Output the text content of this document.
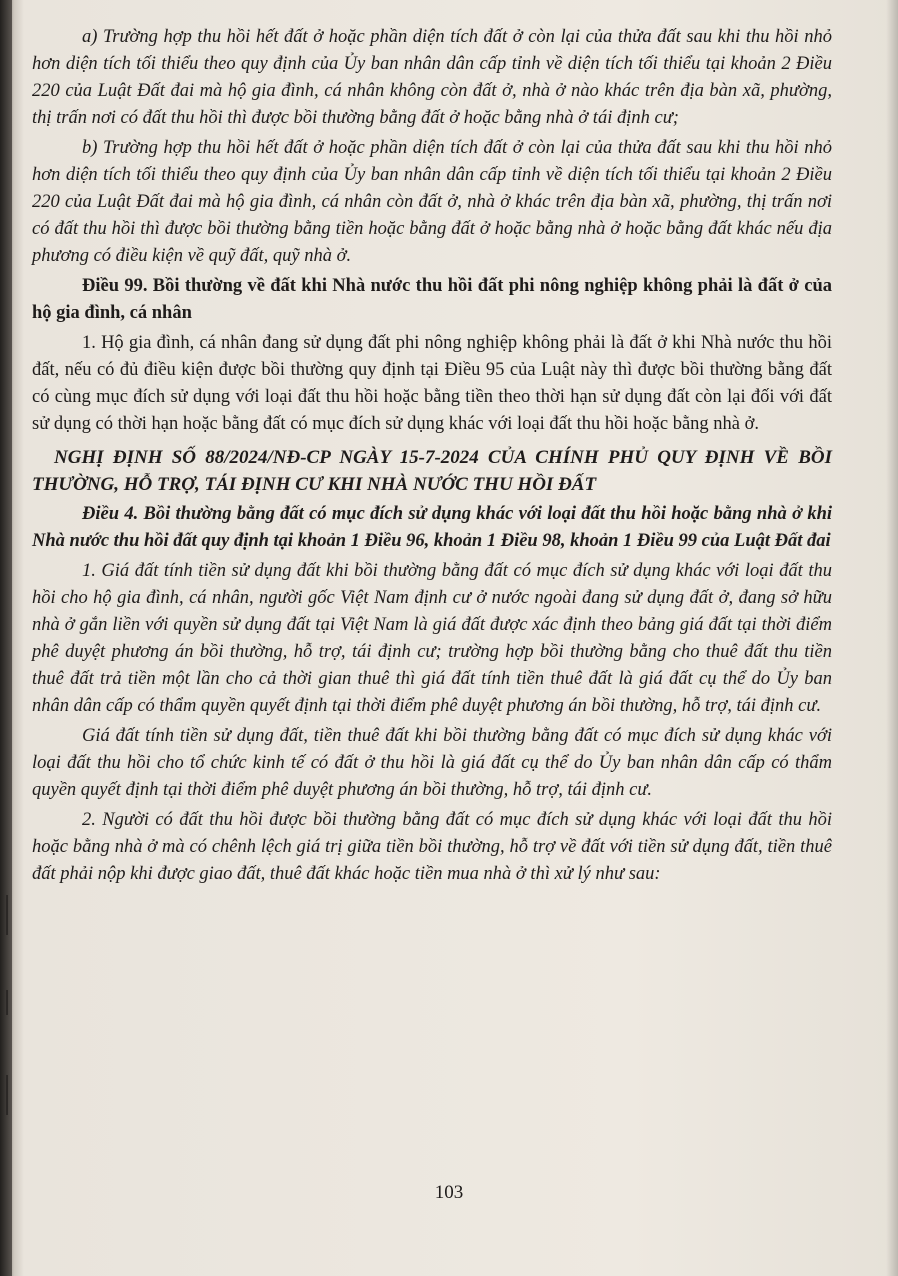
a) Trường hợp thu hồi hết đất ở hoặc phần diện tích đất ở còn lại của thửa đất sau khi thu hồi nhỏ hơn diện tích tối thiểu theo quy định của Ủy ban nhân dân cấp tỉnh về diện tích tối thiểu tại khoản 2 Điều 220 của Luật Đất đai mà hộ gia đình, cá nhân không còn đất ở, nhà ở nào khác trên địa bàn xã, phường, thị trấn nơi có đất thu hồi thì được bồi thường bằng đất ở hoặc bằng nhà ở tái định cư;

b) Trường hợp thu hồi hết đất ở hoặc phần diện tích đất ở còn lại của thửa đất sau khi thu hồi nhỏ hơn diện tích tối thiểu theo quy định của Ủy ban nhân dân cấp tỉnh về diện tích tối thiểu tại khoản 2 Điều 220 của Luật Đất đai mà hộ gia đình, cá nhân còn đất ở, nhà ở khác trên địa bàn xã, phường, thị trấn nơi có đất thu hồi thì được bồi thường bằng tiền hoặc bằng đất ở hoặc bằng nhà ở hoặc bằng đất khác nếu địa phương có điều kiện về quỹ đất, quỹ nhà ở.

Điều 99. Bồi thường về đất khi Nhà nước thu hồi đất phi nông nghiệp không phải là đất ở của hộ gia đình, cá nhân

1. Hộ gia đình, cá nhân đang sử dụng đất phi nông nghiệp không phải là đất ở khi Nhà nước thu hồi đất, nếu có đủ điều kiện được bồi thường quy định tại Điều 95 của Luật này thì được bồi thường bằng đất có cùng mục đích sử dụng với loại đất thu hồi hoặc bằng tiền theo thời hạn sử dụng đất còn lại đối với đất sử dụng có thời hạn hoặc bằng đất có mục đích sử dụng khác với loại đất thu hồi hoặc bằng nhà ở.

NGHỊ ĐỊNH SỐ 88/2024/NĐ-CP NGÀY 15-7-2024 CỦA CHÍNH PHỦ QUY ĐỊNH VỀ BỒI THƯỜNG, HỖ TRỢ, TÁI ĐỊNH CƯ KHI NHÀ NƯỚC THU HỒI ĐẤT

Điều 4. Bồi thường bằng đất có mục đích sử dụng khác với loại đất thu hồi hoặc bằng nhà ở khi Nhà nước thu hồi đất quy định tại khoản 1 Điều 96, khoản 1 Điều 98, khoản 1 Điều 99 của Luật Đất đai

1. Giá đất tính tiền sử dụng đất khi bồi thường bằng đất có mục đích sử dụng khác với loại đất thu hồi cho hộ gia đình, cá nhân, người gốc Việt Nam định cư ở nước ngoài đang sử dụng đất ở, đang sở hữu nhà ở gắn liền với quyền sử dụng đất tại Việt Nam là giá đất được xác định theo bảng giá đất tại thời điểm phê duyệt phương án bồi thường, hỗ trợ, tái định cư; trường hợp bồi thường bằng cho thuê đất thu tiền thuê đất trả tiền một lần cho cả thời gian thuê thì giá đất tính tiền thuê đất là giá đất cụ thể do Ủy ban nhân dân cấp có thẩm quyền quyết định tại thời điểm phê duyệt phương án bồi thường, hỗ trợ, tái định cư.

Giá đất tính tiền sử dụng đất, tiền thuê đất khi bồi thường bằng đất có mục đích sử dụng khác với loại đất thu hồi cho tổ chức kinh tế có đất ở thu hồi là giá đất cụ thể do Ủy ban nhân dân cấp có thẩm quyền quyết định tại thời điểm phê duyệt phương án bồi thường, hỗ trợ, tái định cư.

2. Người có đất thu hồi được bồi thường bằng đất có mục đích sử dụng khác với loại đất thu hồi hoặc bằng nhà ở mà có chênh lệch giá trị giữa tiền bồi thường, hỗ trợ về đất với tiền sử dụng đất, tiền thuê đất phải nộp khi được giao đất, thuê đất khác hoặc tiền mua nhà ở thì xử lý như sau:

103
